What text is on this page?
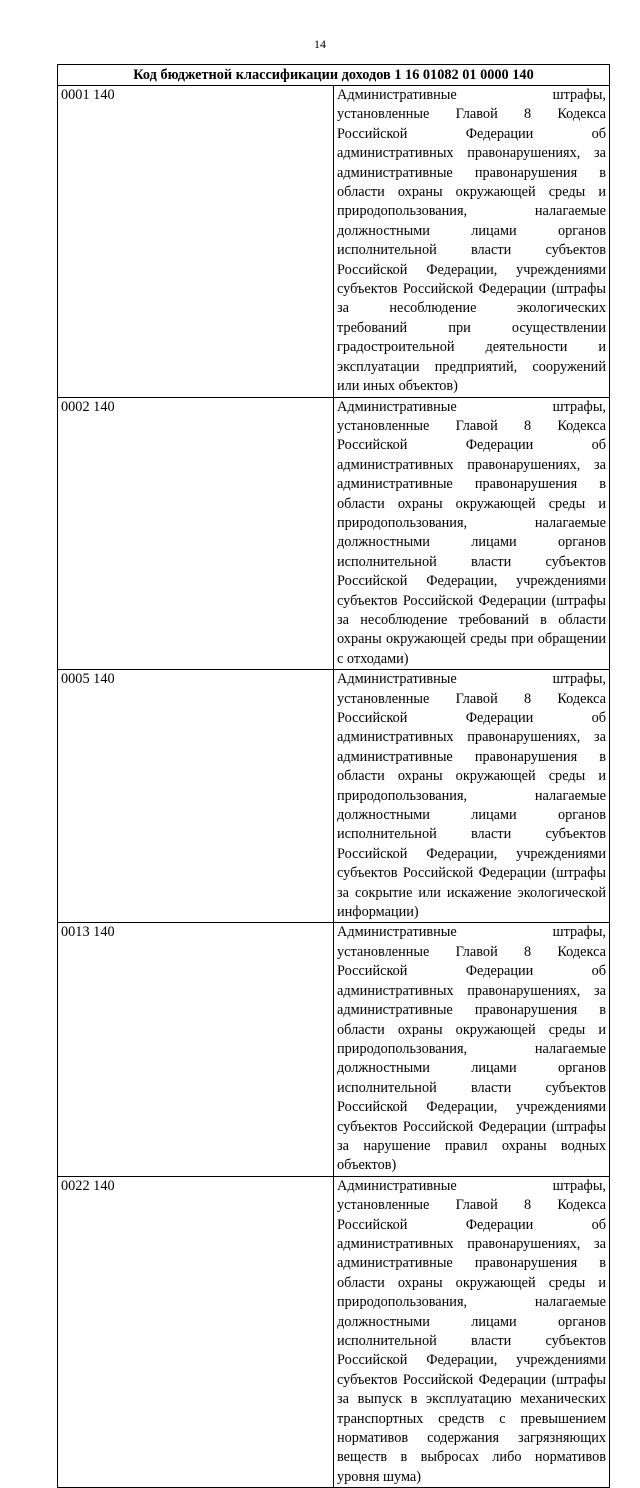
14
Код бюджетной классификации доходов 1 16 01082 01 0000 140	
0001 140	Административные штрафы, установленные Главой 8 Кодекса Российской Федерации об административных правонарушениях, за административные правонарушения в области охраны окружающей среды и природопользования, налагаемые должностными лицами органов исполнительной власти субъектов Российской Федерации, учреждениями субъектов Российской Федерации (штрафы за несоблюдение экологических требований при осуществлении градостроительной деятельности и эксплуатации предприятий, сооружений или иных объектов)
0002 140	Административные штрафы, установленные Главой 8 Кодекса Российской Федерации об административных правонарушениях, за административные правонарушения в области охраны окружающей среды и природопользования, налагаемые должностными лицами органов исполнительной власти субъектов Российской Федерации, учреждениями субъектов Российской Федерации (штрафы за несоблюдение требований в области охраны окружающей среды при обращении с отходами)
0005 140	Административные штрафы, установленные Главой 8 Кодекса Российской Федерации об административных правонарушениях, за административные правонарушения в области охраны окружающей среды и природопользования, налагаемые должностными лицами органов исполнительной власти субъектов Российской Федерации, учреждениями субъектов Российской Федерации (штрафы за сокрытие или искажение экологической информации)
0013 140	Административные штрафы, установленные Главой 8 Кодекса Российской Федерации об административных правонарушениях, за административные правонарушения в области охраны окружающей среды и природопользования, налагаемые должностными лицами органов исполнительной власти субъектов Российской Федерации, учреждениями субъектов Российской Федерации (штрафы за нарушение правил охраны водных объектов)
0022 140	Административные штрафы, установленные Главой 8 Кодекса Российской Федерации об административных правонарушениях, за административные правонарушения в области охраны окружающей среды и природопользования, налагаемые должностными лицами органов исполнительной власти субъектов Российской Федерации, учреждениями субъектов Российской Федерации (штрафы за выпуск в эксплуатацию механических транспортных средств с превышением нормативов содержания загрязняющих веществ в выбросах либо нормативов уровня шума)
